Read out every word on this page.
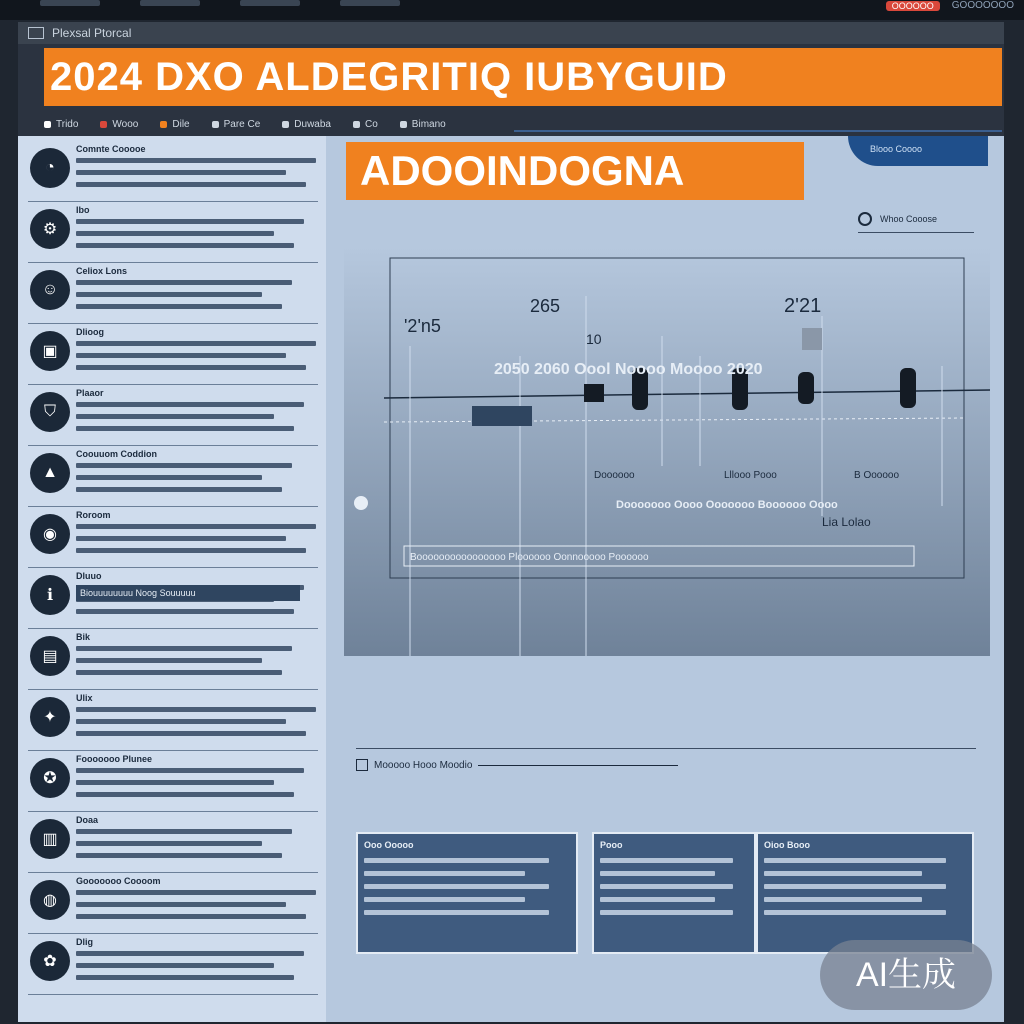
OOOOOO	GOOOOOOO
Plexsal Ptorcal
2024 DXO ALDEGRITIQ IUBYGUID
Trido	Wooo	Dile	Pare Ce	Duwaba	Co	Bimano
◔
Comnte Cooooe
⚙
Ibo
☺
Celiox Lons
▣
Dlioog
⛉
Plaaor
▲
Coouuom Coddion
◉
Roroom
ℹ
Dluuo
Biouuuuuuuu Noog Souuuuu
▤
Bik
✦
Ulix
✪
Fooooooo Plunee
▥
Doaa
◍
Gooooooo Coooom
✿
Dlig
Blooo Coooo
ADOOINDOGNA
Whoo Cooose
'2'n5
265	2'21
10
2050 2060 Oool Noooo Moooo 2020
Doooooo	Lllooo Pooo	B Oooooo
Dooooooo Oooo Ooooooo Boooooo Oooo
Lia Lolao
Boooooooooooooooo Ploooooo Oonnooooo Poooooo
Mooooo Hooo Moodio
Ooo Ooooo	Pooo	Oioo Booo
AI生成
